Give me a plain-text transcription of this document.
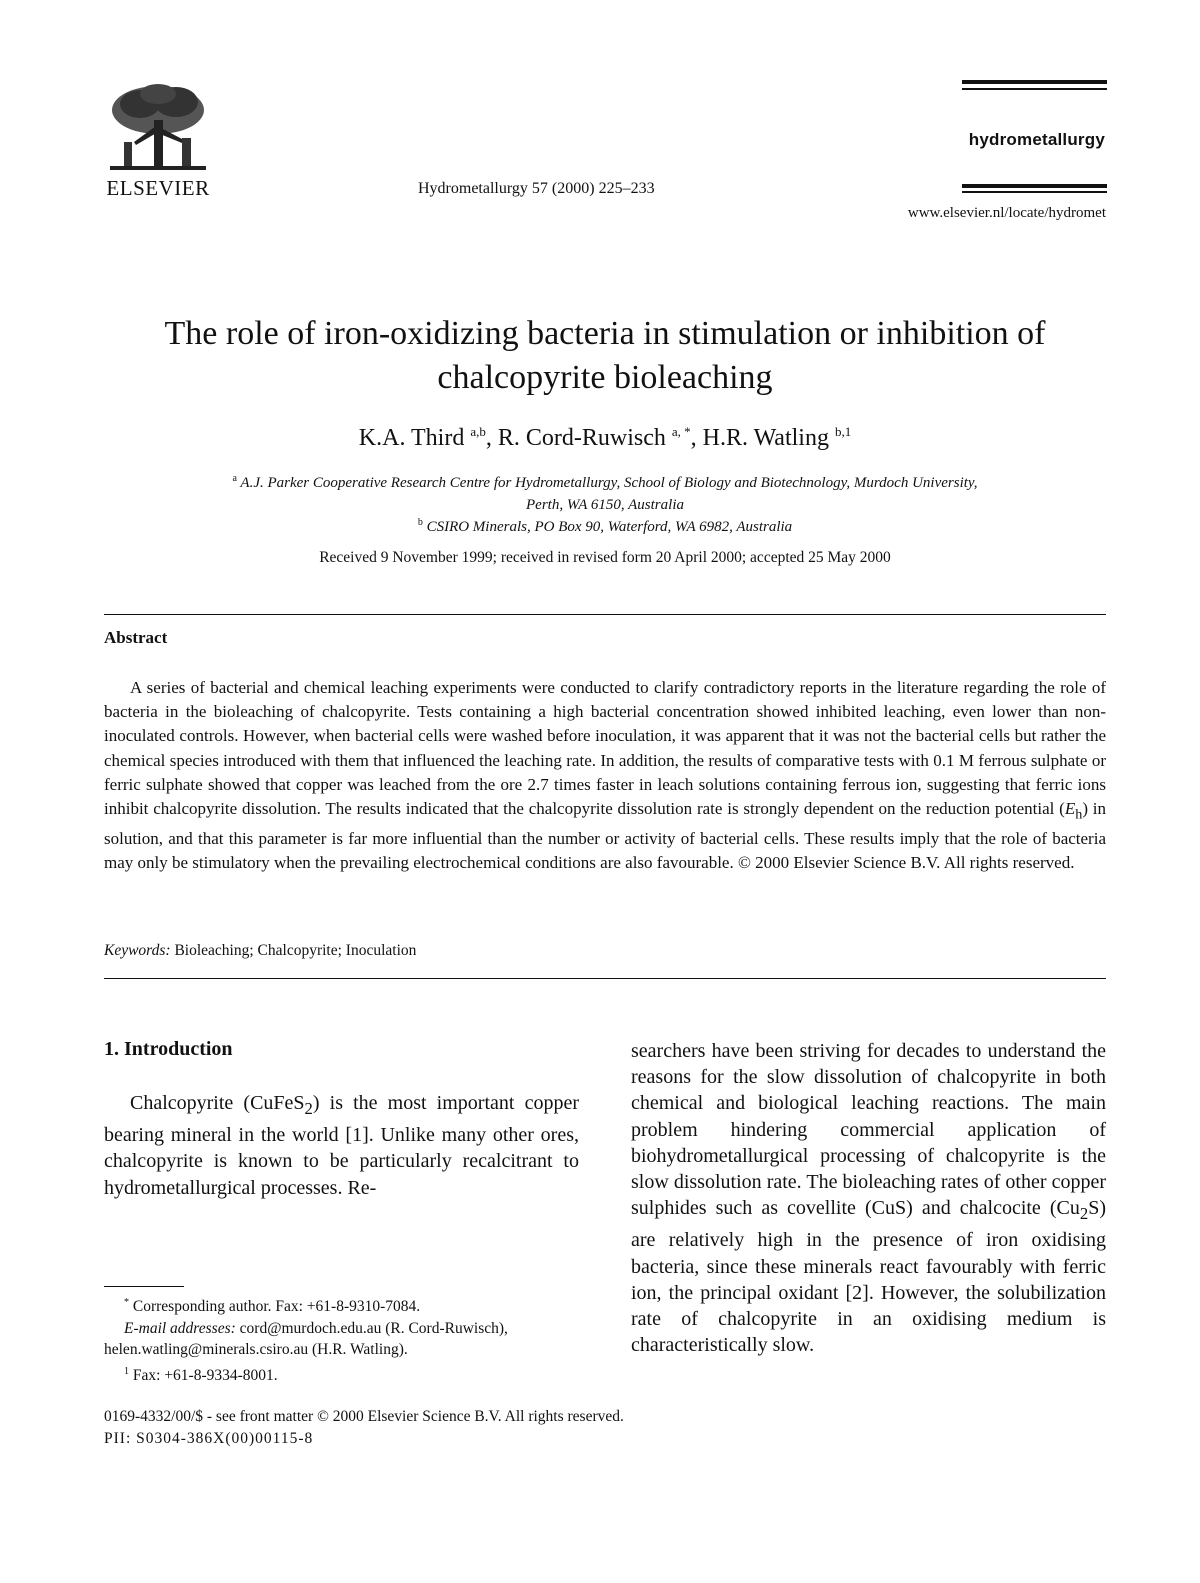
ELSEVIER	Hydrometallurgy 57 (2000) 225–233
hydrometallurgy
www.elsevier.nl/locate/hydromet
The role of iron-oxidizing bacteria in stimulation or inhibition of
chalcopyrite bioleaching
K.A. Third $^{a,b}$, R. Cord-Ruwisch $^{a, *}$, H.R. Watling $^{b,1}$
$^a$ A.J. Parker Cooperative Research Centre for Hydrometallurgy, School of Biology and Biotechnology, Murdoch University,
Perth, WA 6150, Australia
$^b$ CSIRO Minerals, PO Box 90, Waterford, WA 6982, Australia
Received 9 November 1999; received in revised form 20 April 2000; accepted 25 May 2000
Abstract
A series of bacterial and chemical leaching experiments were conducted to clarify contradictory reports in the literature regarding the role of bacteria in the bioleaching of chalcopyrite. Tests containing a high bacterial concentration showed inhibited leaching, even lower than non-inoculated controls. However, when bacterial cells were washed before inoculation, it was apparent that it was not the bacterial cells but rather the chemical species introduced with them that influenced the leaching rate. In addition, the results of comparative tests with 0.1 M ferrous sulphate or ferric sulphate showed that copper was leached from the ore 2.7 times faster in leach solutions containing ferrous ion, suggesting that ferric ions inhibit chalcopyrite dissolution. The results indicated that the chalcopyrite dissolution rate is strongly dependent on the reduction potential $(E_h)$ in solution, and that this parameter is far more influential than the number or activity of bacterial cells. These results imply that the role of bacteria may only be stimulatory when the prevailing electrochemical conditions are also favourable. © 2000 Elsevier Science B.V. All rights reserved.
Keywords: Bioleaching; Chalcopyrite; Inoculation
1. Introduction

Chalcopyrite (CuFeS$_2$) is the most important copper bearing mineral in the world [1]. Unlike many other ores, chalcopyrite is known to be particularly recalcitrant to hydrometallurgical processes. Re-

searchers have been striving for decades to understand the reasons for the slow dissolution of chalcopyrite in both chemical and biological leaching reactions. The main problem hindering commercial application of biohydrometallurgical processing of chalcopyrite is the slow dissolution rate. The bioleaching rates of other copper sulphides such as covellite (CuS) and chalcocite $(Cu_2S)$ are relatively high in the presence of iron oxidising bacteria, since these minerals react favourably with ferric ion, the principal oxidant [2]. However, the solubilization rate of chalcopyrite in an oxidising medium is characteristically slow.

* Corresponding author. Fax: +61-8-9310-7084.

E-mail addresses: cord@murdoch.edu.au (R. Cord-Ruwisch),

helen.watling@minerals.csiro.au (H.R. Watling).

$^1$ Fax: +61-8-9334-8001.

0169-4332/00/$ - see front matter © 2000 Elsevier Science B.V. All rights reserved.
PII: S0304-386X(00)00115-8
